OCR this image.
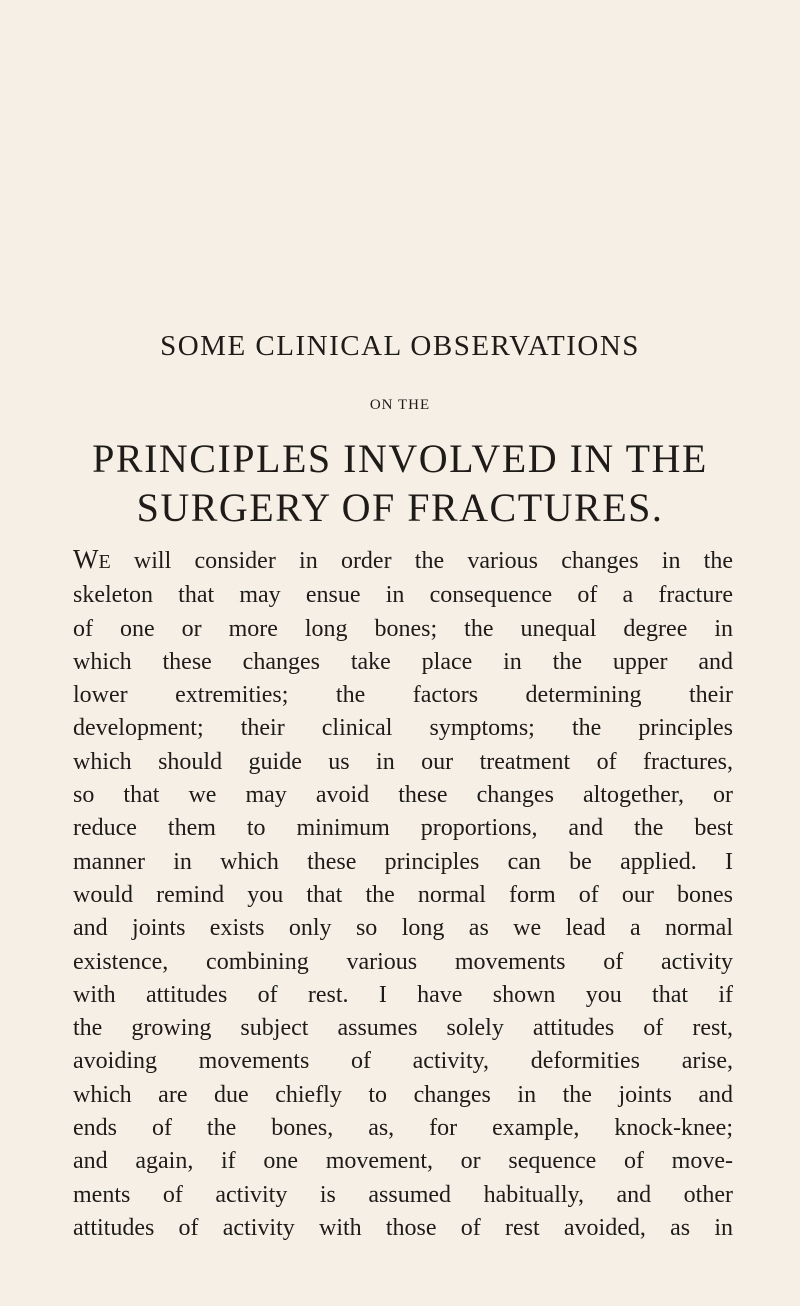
SOME CLINICAL OBSERVATIONS
ON THE
PRINCIPLES INVOLVED IN THE
SURGERY OF FRACTURES.
WE will consider in order the various changes in the
skeleton that may ensue in consequence of a fracture
of one or more long bones; the unequal degree in
which these changes take place in the upper and
lower extremities; the factors determining their
development; their clinical symptoms; the principles
which should guide us in our treatment of fractures,
so that we may avoid these changes altogether, or
reduce them to minimum proportions, and the best
manner in which these principles can be applied. I
would remind you that the normal form of our bones
and joints exists only so long as we lead a normal
existence, combining various movements of activity
with attitudes of rest. I have shown you that if
the growing subject assumes solely attitudes of rest,
avoiding movements of activity, deformities arise,
which are due chiefly to changes in the joints and
ends of the bones, as, for example, knock-knee;
and again, if one movement, or sequence of move-
ments of activity is assumed habitually, and other
attitudes of activity with those of rest avoided, as in
